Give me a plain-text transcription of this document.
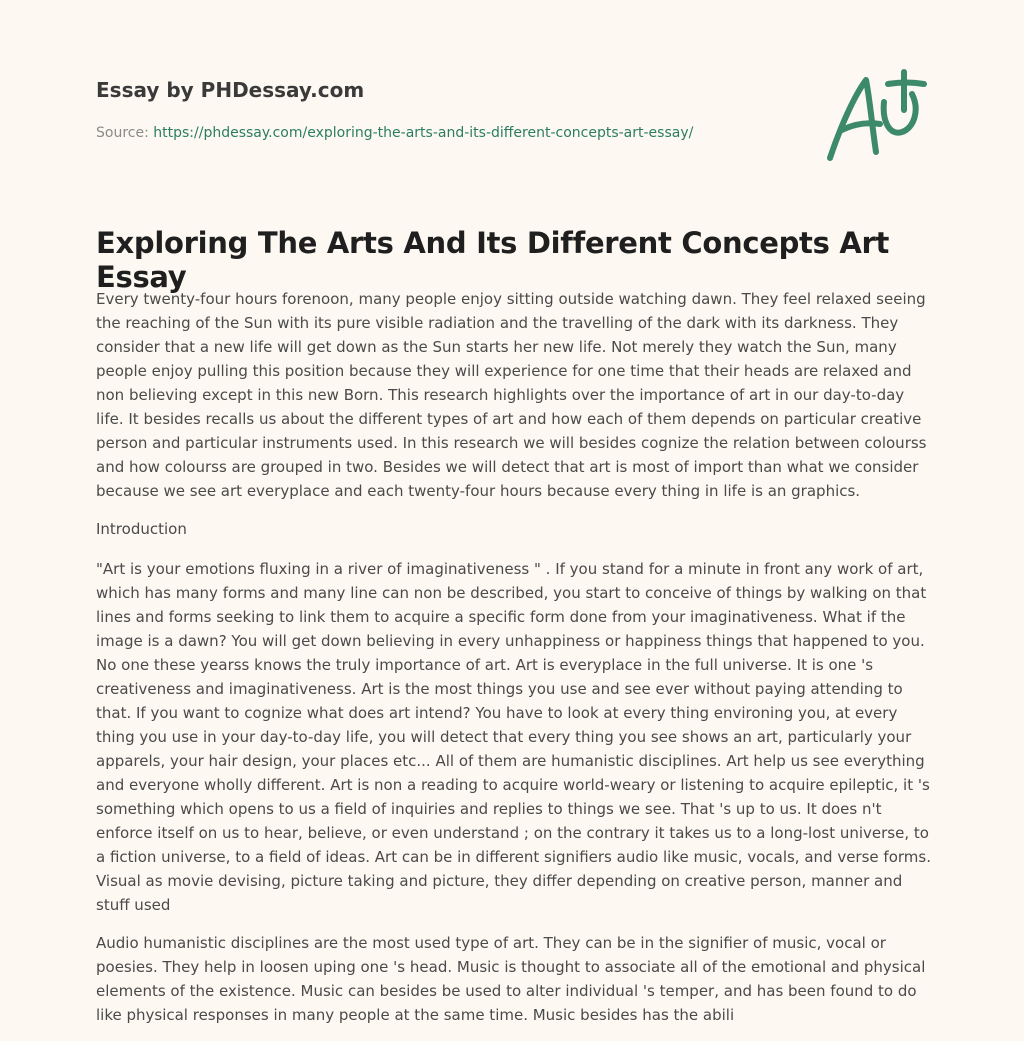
Essay by PHDessay.com
Source: https://phdessay.com/exploring-the-arts-and-its-different-concepts-art-essay/
Exploring The Arts And Its Different Concepts Art Essay

Every twenty-four hours forenoon, many people enjoy sitting outside watching dawn. They feel relaxed seeing the reaching of the Sun with its pure visible radiation and the travelling of the dark with its darkness. They consider that a new life will get down as the Sun starts her new life. Not merely they watch the Sun, many people enjoy pulling this position because they will experience for one time that their heads are relaxed and non believing except in this new Born. This research highlights over the importance of art in our day-to-day life. It besides recalls us about the different types of art and how each of them depends on particular creative person and particular instruments used. In this research we will besides cognize the relation between colourss and how colourss are grouped in two. Besides we will detect that art is most of import than what we consider because we see art everyplace and each twenty-four hours because every thing in life is an graphics.

Introduction

"Art is your emotions fluxing in a river of imaginativeness " . If you stand for a minute in front any work of art, which has many forms and many line can non be described, you start to conceive of things by walking on that lines and forms seeking to link them to acquire a specific form done from your imaginativeness. What if the image is a dawn? You will get down believing in every unhappiness or happiness things that happened to you. No one these yearss knows the truly importance of art. Art is everyplace in the full universe. It is one 's creativeness and imaginativeness. Art is the most things you use and see ever without paying attending to that. If you want to cognize what does art intend? You have to look at every thing environing you, at every thing you use in your day-to-day life, you will detect that every thing you see shows an art, particularly your apparels, your hair design, your places etc... All of them are humanistic disciplines. Art help us see everything and everyone wholly different. Art is non a reading to acquire world-weary or listening to acquire epileptic, it 's something which opens to us a field of inquiries and replies to things we see. That 's up to us. It does n't enforce itself on us to hear, believe, or even understand ; on the contrary it takes us to a long-lost universe, to a fiction universe, to a field of ideas. Art can be in different signifiers audio like music, vocals, and verse forms. Visual as movie devising, picture taking and picture, they differ depending on creative person, manner and stuff used

Audio humanistic disciplines are the most used type of art. They can be in the signifier of music, vocal or poesies. They help in loosen uping one 's head. Music is thought to associate all of the emotional and physical elements of the existence. Music can besides be used to alter individual 's temper, and has been found to do like physical responses in many people at the same time. Music besides has the abili
